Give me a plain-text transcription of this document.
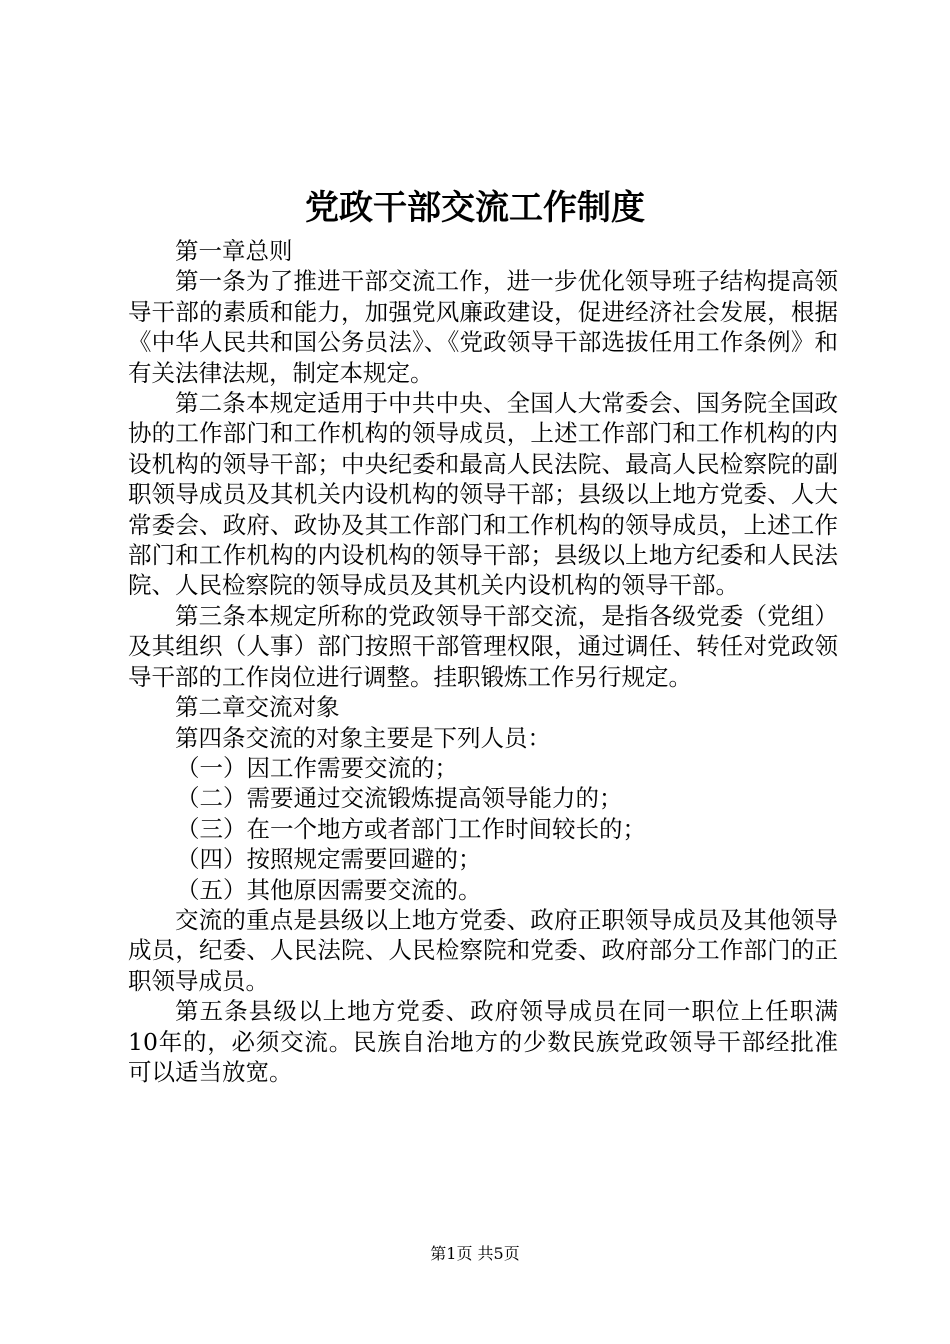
党政干部交流工作制度

第一章总则

第一条为了推进干部交流工作，进一步优化领导班子结构提高领导干部的素质和能力，加强党风廉政建设，促进经济社会发展，根据《中华人民共和国公务员法》、《党政领导干部选拔任用工作条例》和有关法律法规，制定本规定。

第二条本规定适用于中共中央、全国人大常委会、国务院全国政协的工作部门和工作机构的领导成员，上述工作部门和工作机构的内设机构的领导干部；中央纪委和最高人民法院、最高人民检察院的副职领导成员及其机关内设机构的领导干部；县级以上地方党委、人大常委会、政府、政协及其工作部门和工作机构的领导成员，上述工作部门和工作机构的内设机构的领导干部；县级以上地方纪委和人民法院、人民检察院的领导成员及其机关内设机构的领导干部。

第三条本规定所称的党政领导干部交流，是指各级党委（党组）及其组织（人事）部门按照干部管理权限，通过调任、转任对党政领导干部的工作岗位进行调整。挂职锻炼工作另行规定。

第二章交流对象

第四条交流的对象主要是下列人员：

（一）因工作需要交流的；

（二）需要通过交流锻炼提高领导能力的；

（三）在一个地方或者部门工作时间较长的；

（四）按照规定需要回避的；

（五）其他原因需要交流的。

交流的重点是县级以上地方党委、政府正职领导成员及其他领导成员，纪委、人民法院、人民检察院和党委、政府部分工作部门的正职领导成员。

第五条县级以上地方党委、政府领导成员在同一职位上任职满10年的，必须交流。民族自治地方的少数民族党政领导干部经批准可以适当放宽。

第1页 共5页
